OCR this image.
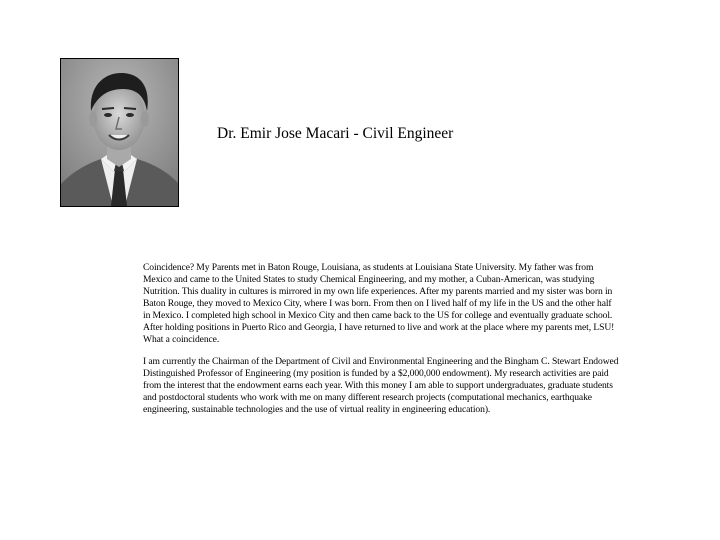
Dr. Emir Jose Macari - Civil Engineer

Coincidence? My Parents met in Baton Rouge, Louisiana, as students at Louisiana State University. My father was from Mexico and came to the United States to study Chemical Engineering, and my mother, a Cuban-American, was studying Nutrition. This duality in cultures is mirrored in my own life experiences. After my parents married and my sister was born in Baton Rouge, they moved to Mexico City, where I was born. From then on I lived half of my life in the US and the other half in Mexico. I completed high school in Mexico City and then came back to the US for college and eventually graduate school. After holding positions in Puerto Rico and Georgia, I have returned to live and work at the place where my parents met, LSU! What a coincidence.

I am currently the Chairman of the Department of Civil and Environmental Engineering and the Bingham C. Stewart Endowed Distinguished Professor of Engineering (my position is funded by a $2,000,000 endowment). My research activities are paid from the interest that the endowment earns each year. With this money I am able to support undergraduates, graduate students and postdoctoral students who work with me on many different research projects (computational mechanics, earthquake engineering, sustainable technologies and the use of virtual reality in engineering education).
